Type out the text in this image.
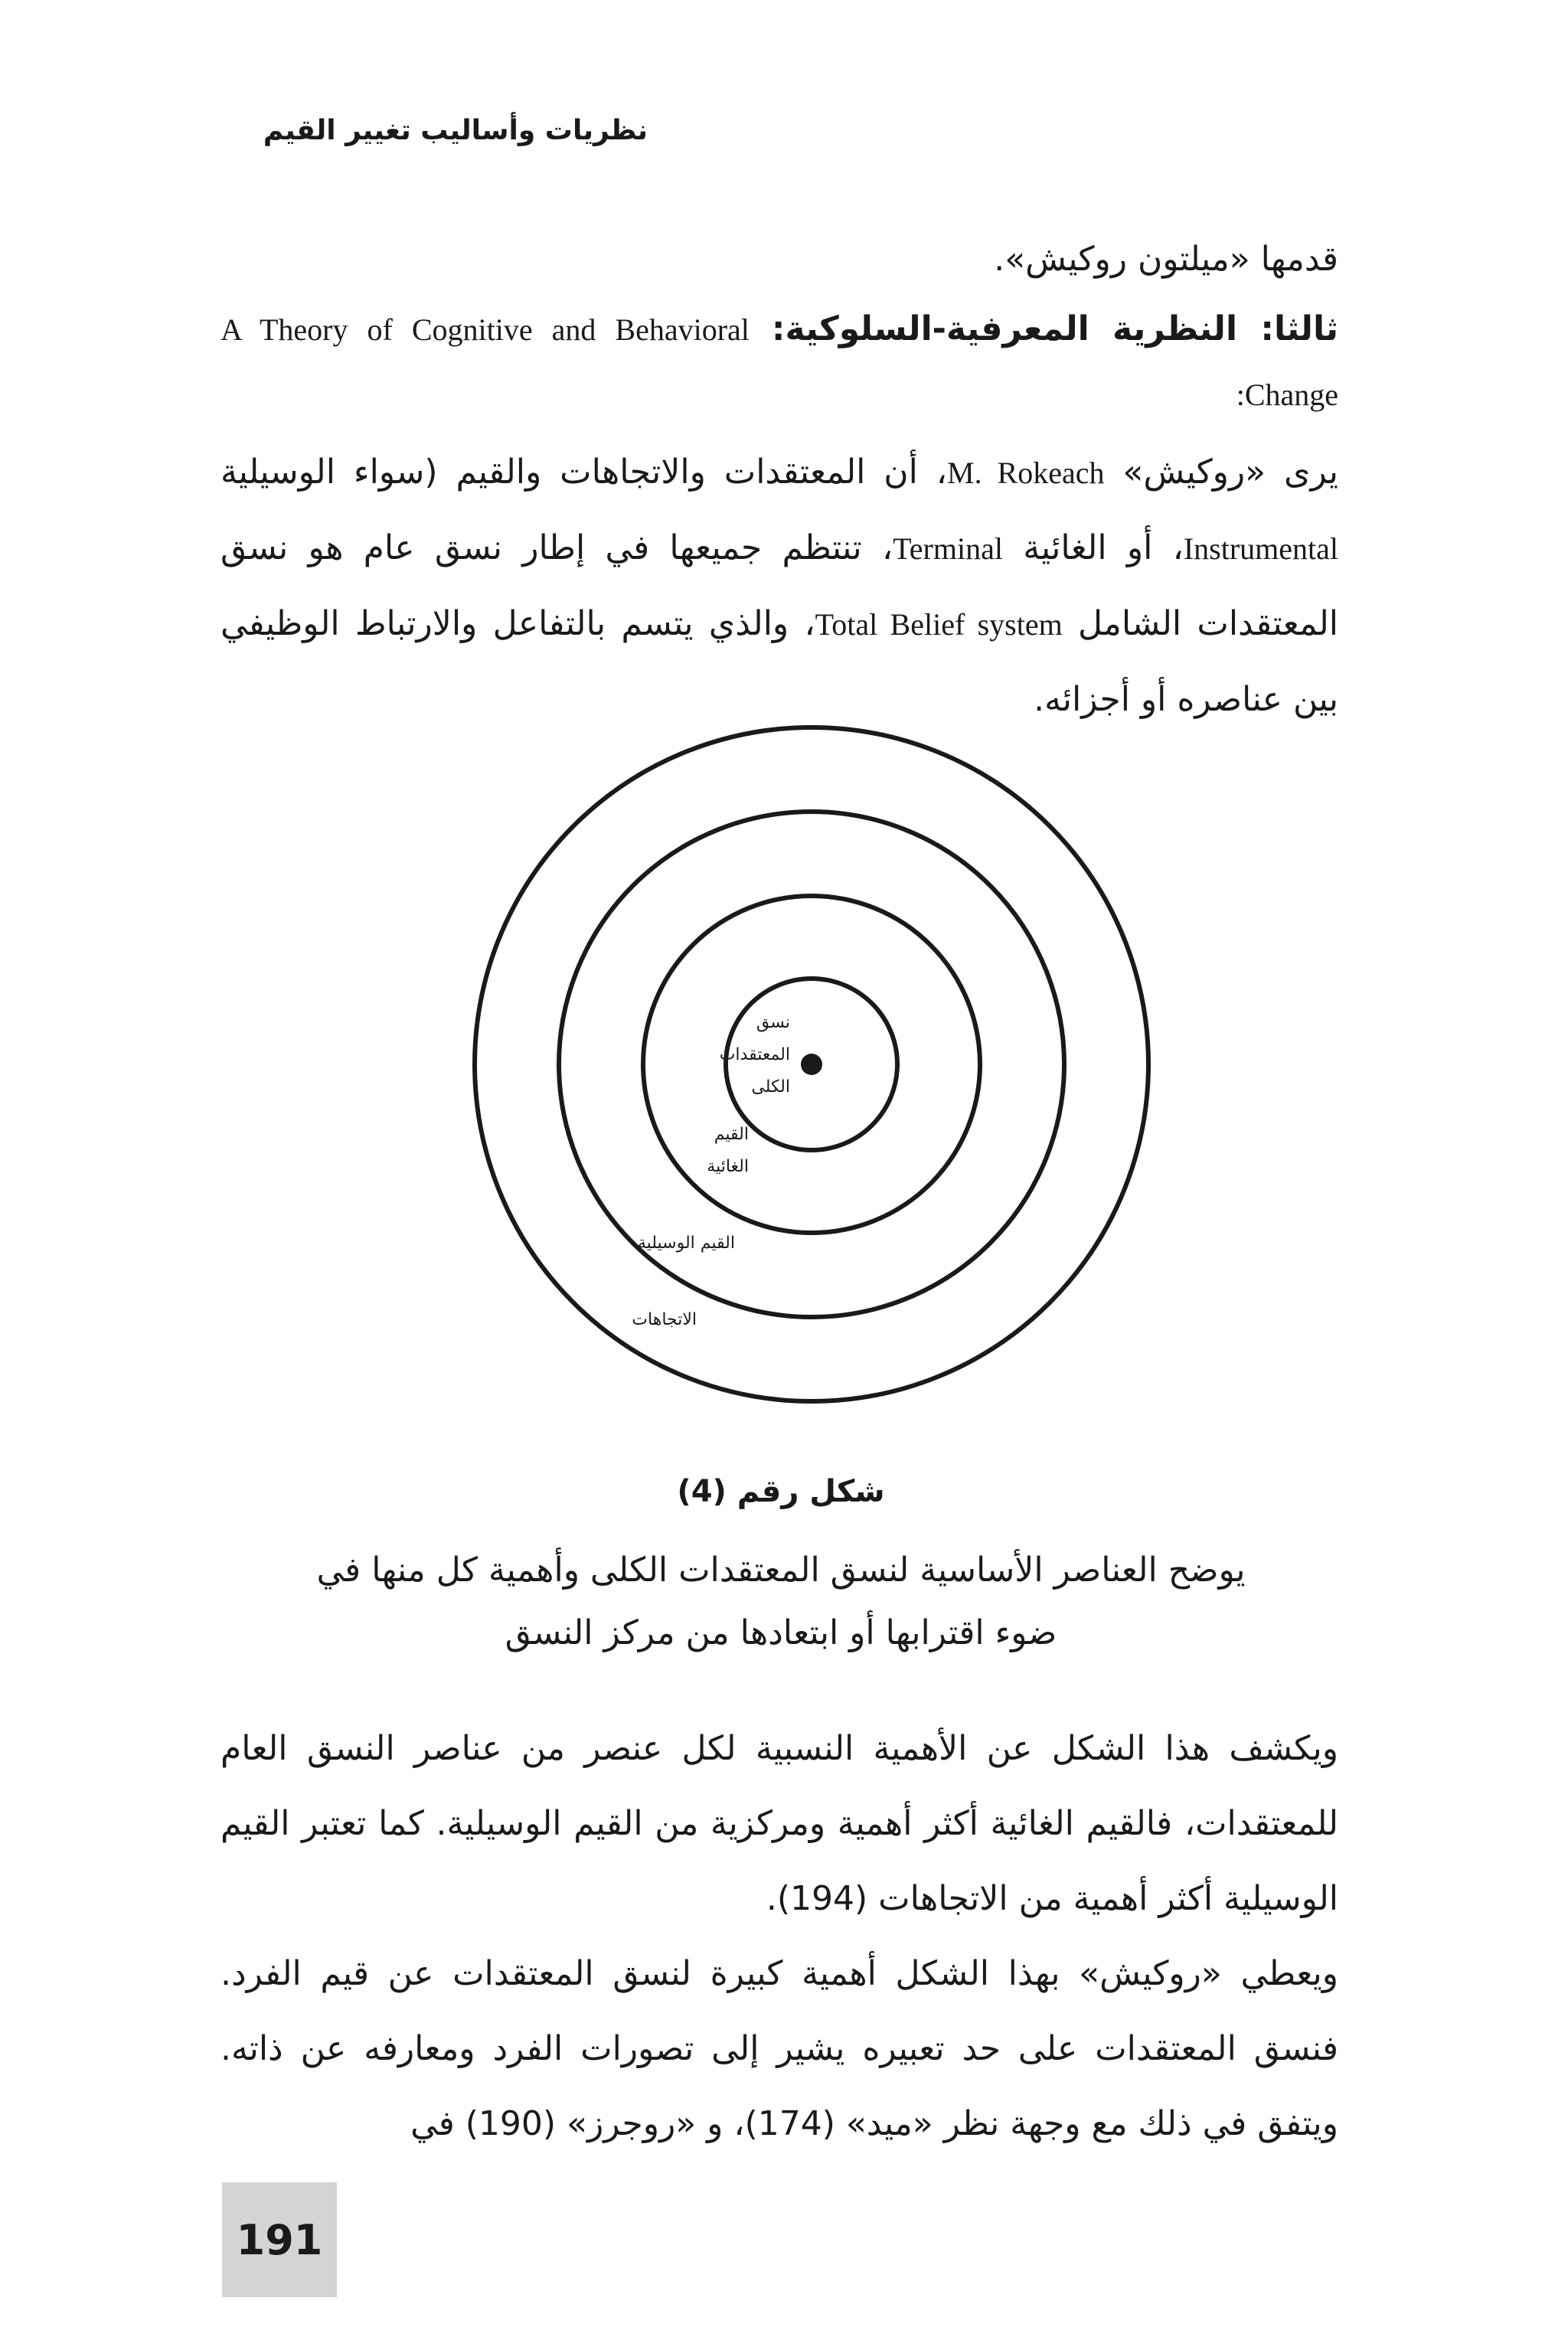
نظريات وأساليب تغيير القيم

قدمها «ميلتون روكيش».

ثالثا: النظرية المعرفية-السلوكية: A Theory of Cognitive and Behavioral Change:

يرى «روكيش» M. Rokeach، أن المعتقدات والاتجاهات والقيم (سواء الوسيلية Instrumental، أو الغائية Terminal، تنتظم جميعها في إطار نسق عام هو نسق المعتقدات الشامل Total Belief system، والذي يتسم بالتفاعل والارتباط الوظيفي بين عناصره أو أجزائه.

نسق
المعتقدات
الكلى
القيم
الغائية
القيم الوسيلية
الاتجاهات
شكل رقم (4)
يوضح العناصر الأساسية لنسق المعتقدات الكلى وأهمية كل منها في
ضوء اقترابها أو ابتعادها من مركز النسق

ويكشف هذا الشكل عن الأهمية النسبية لكل عنصر من عناصر النسق العام للمعتقدات، فالقيم الغائية أكثر أهمية ومركزية من القيم الوسيلية. كما تعتبر القيم الوسيلية أكثر أهمية من الاتجاهات (194).

ويعطي «روكيش» بهذا الشكل أهمية كبيرة لنسق المعتقدات عن قيم الفرد. فنسق المعتقدات على حد تعبيره يشير إلى تصورات الفرد ومعارفه عن ذاته. ويتفق في ذلك مع وجهة نظر «ميد» (174)، و «روجرز» (190) في

191
